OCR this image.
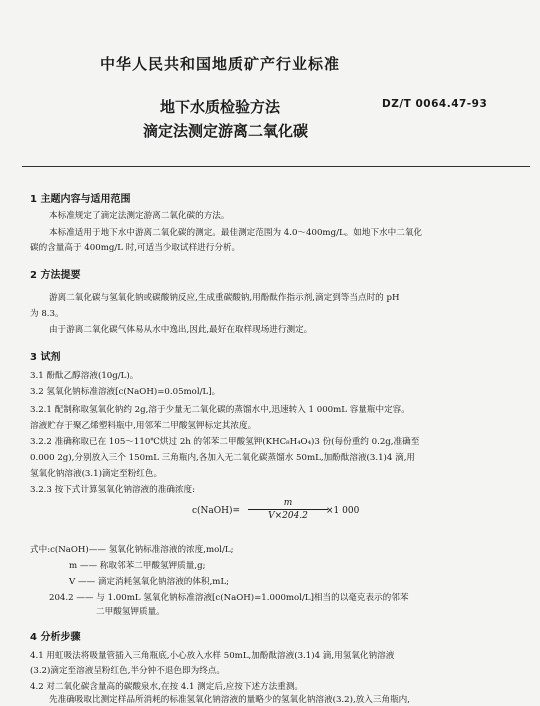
中华人民共和国地质矿产行业标准
地下水质检验方法
滴定法测定游离二氧化碳
DZ/T 0064.47-93
1 主题内容与适用范围
本标准规定了滴定法测定游离二氧化碳的方法。
本标准适用于地下水中游离二氧化碳的测定。最佳测定范围为 4.0～400mg/L。如地下水中二氧化
碳的含量高于 400mg/L 时,可适当少取试样进行分析。
2 方法提要
游离二氧化碳与氢氧化钠或碳酸钠反应,生成重碳酸钠,用酚酞作指示剂,滴定到等当点时的 pH
为 8.3。
由于游离二氧化碳气体易从水中逸出,因此,最好在取样现场进行测定。
3 试剂
3.1 酚酞乙醇溶液(10g/L)。
3.2 氢氧化钠标准溶液[c(NaOH)=0.05mol/L]。
3.2.1 配制称取氢氧化钠约 2g,溶于少量无二氧化碳的蒸馏水中,迅速转入 1 000mL 容量瓶中定容。
溶液贮存于聚乙烯塑料瓶中,用邻苯二甲酸氢钾标定其浓度。
3.2.2 准确称取已在 105～110℃烘过 2h 的邻苯二甲酸氢钾(KHC₈H₄O₄)3 份(每份重约 0.2g,准确至
0.000 2g),分别放入三个 150mL 三角瓶内,各加入无二氧化碳蒸馏水 50mL,加酚酞溶液(3.1)4 滴,用
氢氧化钠溶液(3.1)滴定至粉红色。
3.2.3 按下式计算氢氧化钠溶液的准确浓度:
c(NaOH)=
m
V×204.2	×1 000
式中:c(NaOH)—— 氢氧化钠标准溶液的浓度,mol/L;
m —— 称取邻苯二甲酸氢钾质量,g;
V —— 滴定消耗氢氧化钠溶液的体积,mL;
204.2 —— 与 1.00mL 氢氧化钠标准溶液[c(NaOH)=1.000mol/L]相当的以毫克表示的邻苯
二甲酸氢钾质量。
4 分析步骤
4.1 用虹吸法将吸量管插入三角瓶底,小心放入水样 50mL,加酚酞溶液(3.1)4 滴,用氢氧化钠溶液
(3.2)滴定至溶液呈粉红色,半分钟不退色即为终点。
4.2 对二氧化碳含量高的碳酸泉水,在按 4.1 测定后,应按下述方法重测。
先准确吸取比测定样品所消耗的标准氢氧化钠溶液的量略少的氢氧化钠溶液(3.2),放入三角瓶内,
